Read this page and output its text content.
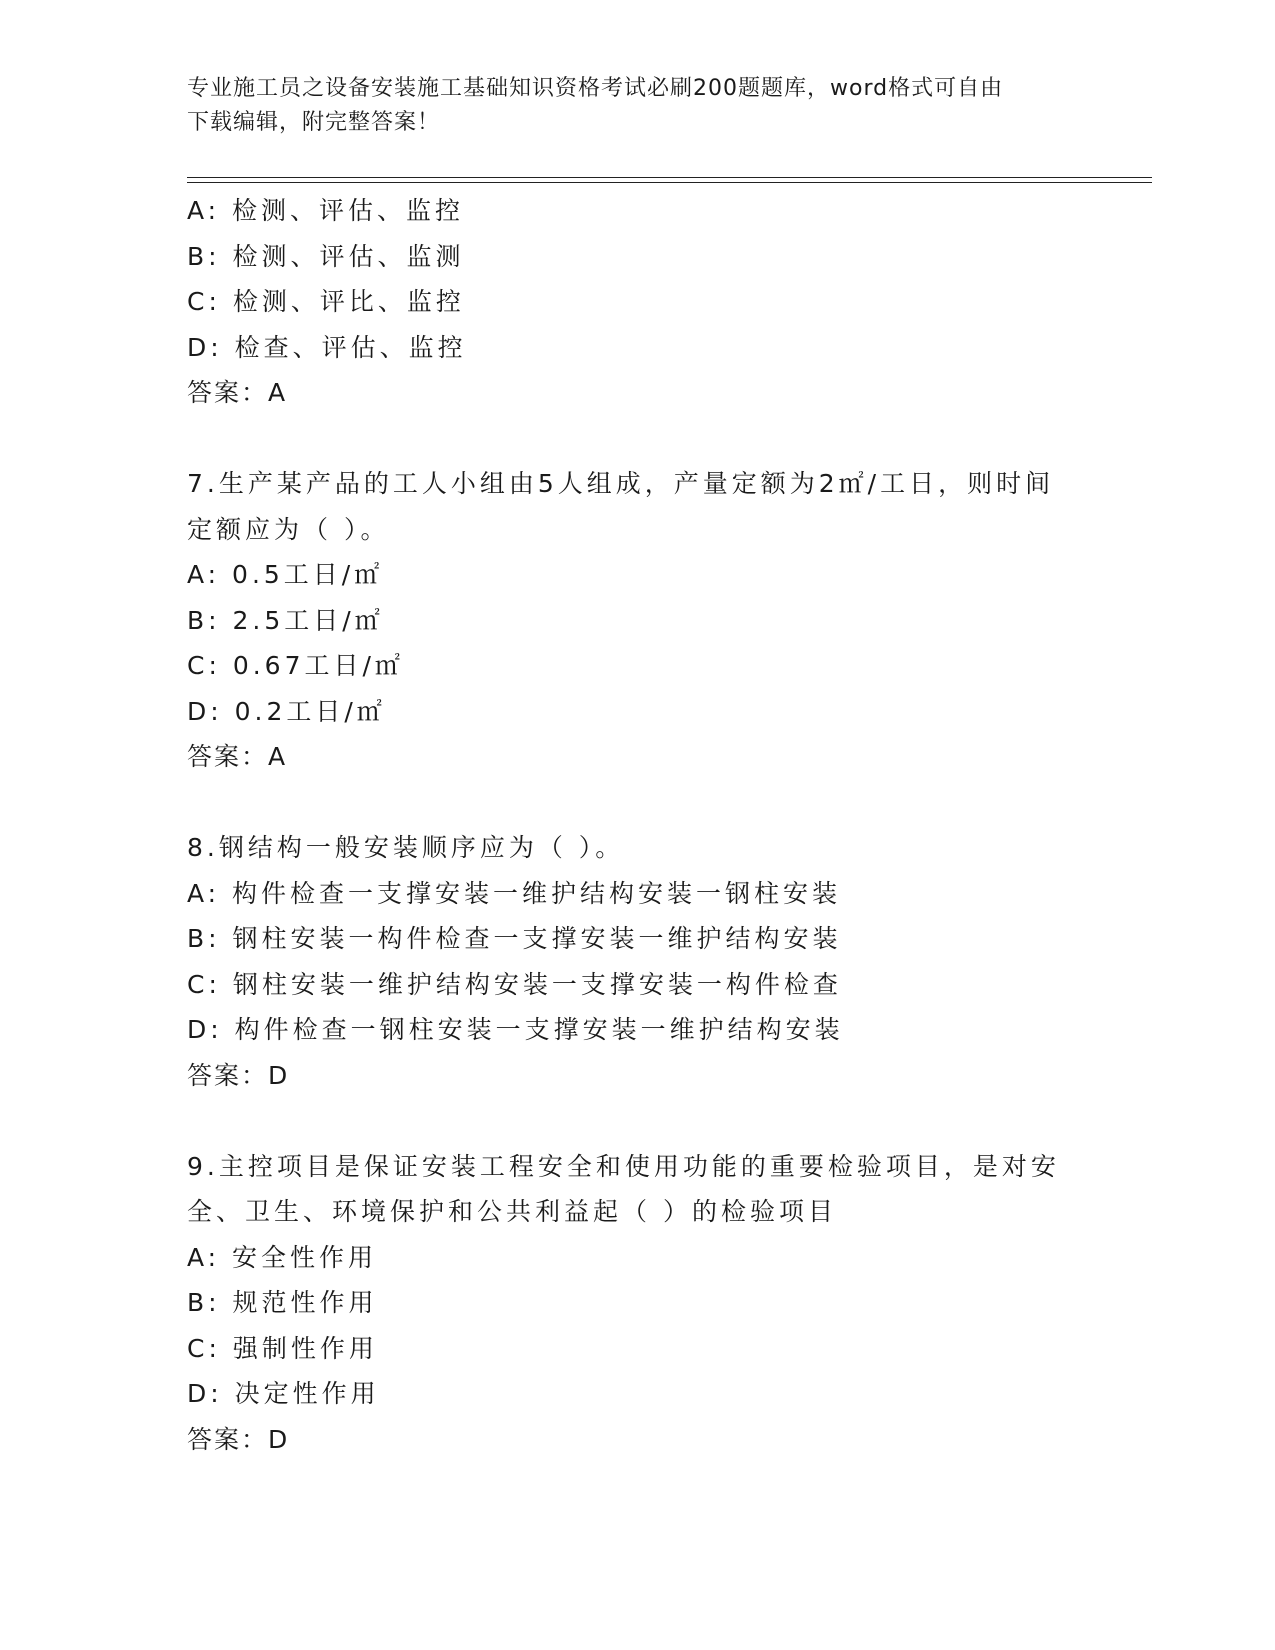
专业施工员之设备安装施工基础知识资格考试必刷200题题库，word格式可自由
下载编辑，附完整答案！
A: 检测、评估、监控
B: 检测、评估、监测
C: 检测、评比、监控
D: 检查、评估、监控
答案：A
7.生产某产品的工人小组由5人组成，产量定额为2㎡/工日，则时间
定额应为（ ）。
A: 0.5工日/㎡
B: 2.5工日/㎡
C: 0.67工日/㎡
D: 0.2工日/㎡
答案：A
8.钢结构一般安装顺序应为（ ）。
A: 构件检查一支撑安装一维护结构安装一钢柱安装
B: 钢柱安装一构件检查一支撑安装一维护结构安装
C: 钢柱安装一维护结构安装一支撑安装一构件检查
D: 构件检查一钢柱安装一支撑安装一维护结构安装
答案：D
9.主控项目是保证安装工程安全和使用功能的重要检验项目，是对安
全、卫生、环境保护和公共利益起（ ）的检验项目
A: 安全性作用
B: 规范性作用
C: 强制性作用
D: 决定性作用
答案：D
